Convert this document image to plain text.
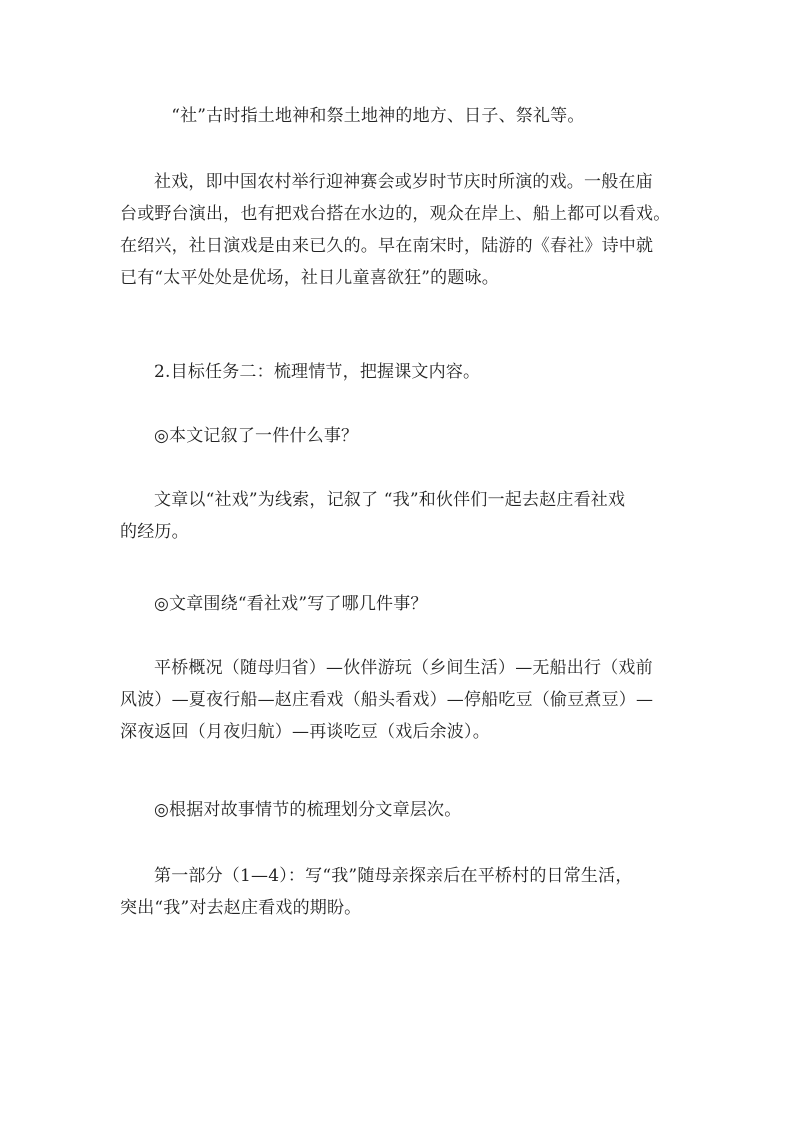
　“社”古时指土地神和祭土地神的地方、日子、祭礼等。
社戏，即中国农村举行迎神赛会或岁时节庆时所演的戏。一般在庙
台或野台演出，也有把戏台搭在水边的，观众在岸上、船上都可以看戏。
在绍兴，社日演戏是由来已久的。早在南宋时，陆游的《春社》诗中就
已有“太平处处是优场，社日儿童喜欲狂”的题咏。
2.目标任务二：梳理情节，把握课文内容。
◎本文记叙了一件什么事？
文章以“社戏”为线索，记叙了 “我”和伙伴们一起去赵庄看社戏
的经历。
◎文章围绕“看社戏”写了哪几件事？
平桥概况（随母归省）—伙伴游玩（乡间生活）—无船出行（戏前
风波）—夏夜行船—赵庄看戏（船头看戏）—停船吃豆（偷豆煮豆）—
深夜返回（月夜归航）—再谈吃豆（戏后余波）。
◎根据对故事情节的梳理划分文章层次。
第一部分（1—4）：写“我”随母亲探亲后在平桥村的日常生活，
突出“我”对去赵庄看戏的期盼。
